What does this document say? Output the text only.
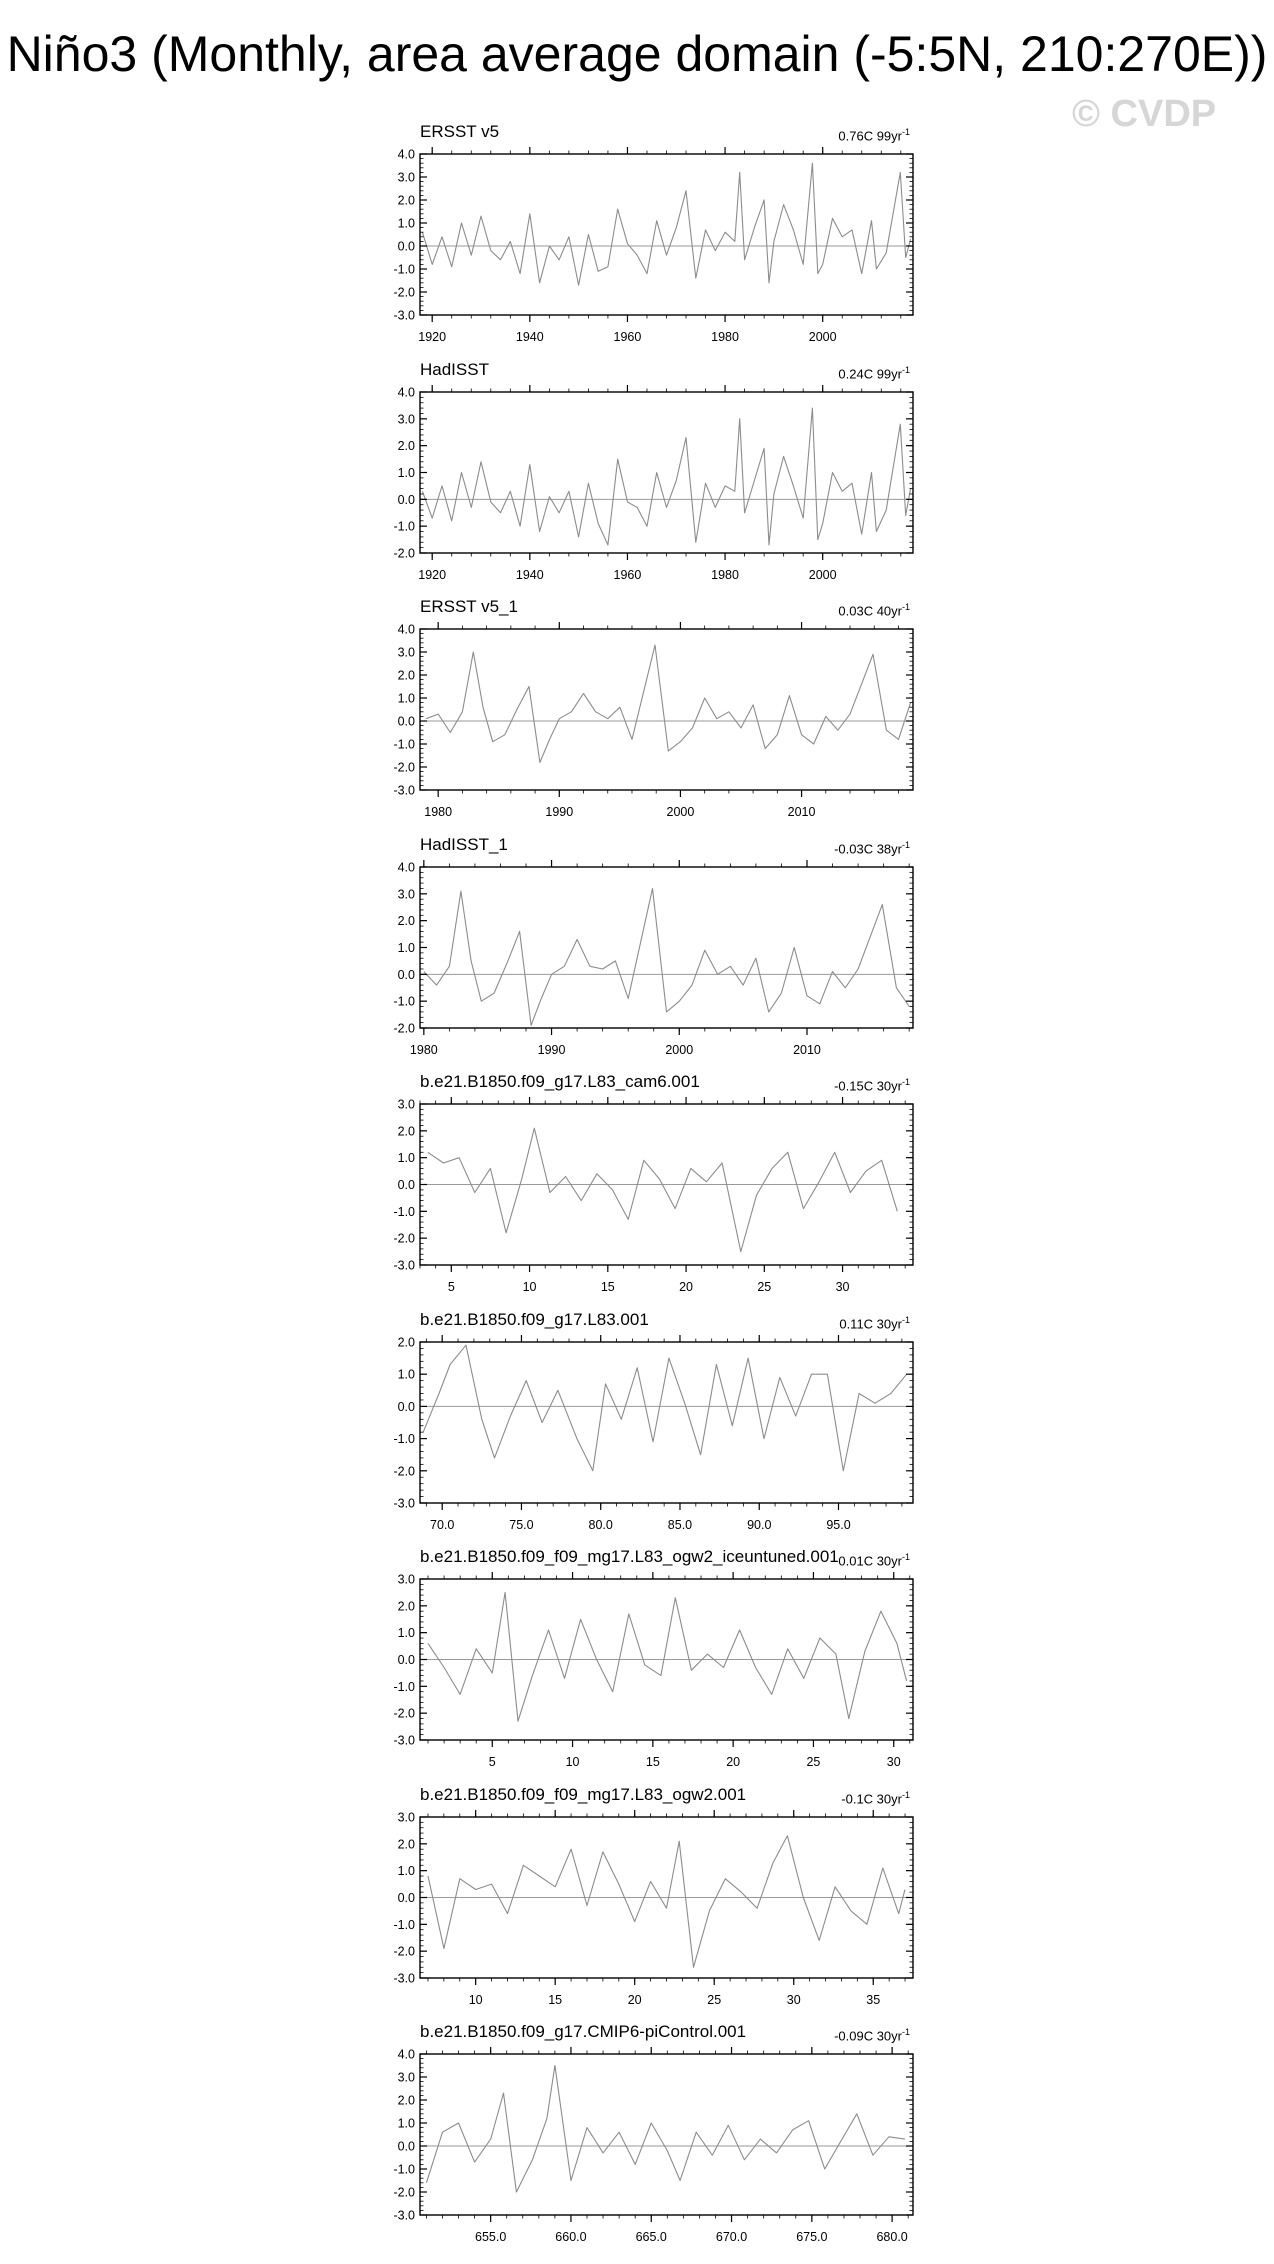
Niño3 (Monthly, area average domain (-5:5N, 210:270E))
© CVDP
ERSST v5	0.76C $99yr^{-1}$
-3.0
-2.0
-1.0
0.0
1.0
2.0
3.0
4.0
1920	1940	1960	1980	2000
HadISST	0.24C $99yr^{-1}$
-2.0
-1.0
0.0
1.0
2.0
3.0
4.0
1920	1940	1960	1980	2000
ERSST v5_1	0.03C $40yr^{-1}$
-3.0
-2.0
-1.0
0.0
1.0
2.0
3.0
4.0
1980	1990	2000	2010
HadISST_1	-0.03C $38yr^{-1}$
-2.0
-1.0
0.0
1.0
2.0
3.0
4.0
1980	1990	2000	2010
b.e21.B1850.f09_g17.L83_cam6.001	-0.15C $30yr^{-1}$
-3.0
-2.0
-1.0
0.0
1.0
2.0
3.0
5	10	15	20	25	30
b.e21.B1850.f09_g17.L83.001	0.11C $30yr^{-1}$
-3.0
-2.0
-1.0
0.0
1.0
2.0
70.0	75.0	80.0	85.0	90.0	95.0
b.e21.B1850.f09_f09_mg17.L83_ogw2_iceuntuned.001 0.01C $30yr^{-1}$
-3.0
-2.0
-1.0
0.0
1.0
2.0
3.0
5	10	15	20	25	30
b.e21.B1850.f09_f09_mg17.L83_ogw2.001	-0.1C $30yr^{-1}$
-3.0
-2.0
-1.0
0.0
1.0
2.0
3.0
10	15	20	25	30	35
b.e21.B1850.f09_g17.CMIP6-piControl.001	-0.09C $30yr^{-1}$
-3.0
-2.0
-1.0
0.0
1.0
2.0
3.0
4.0
655.0	660.0	665.0	670.0	675.0	680.0
